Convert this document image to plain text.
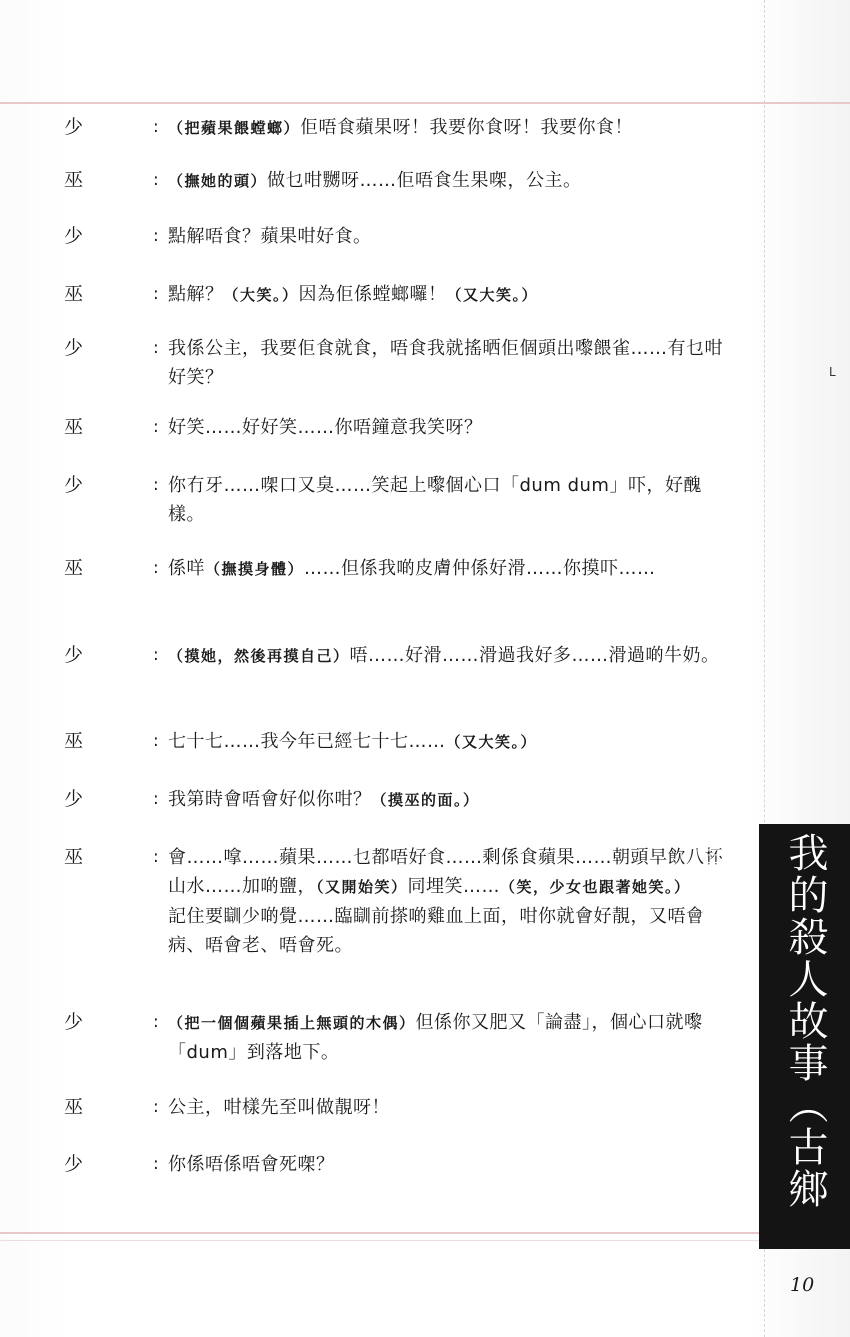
少	: （把蘋果餵螳螂）佢唔食蘋果呀！我要你食呀！我要你食！
巫	: （撫她的頭）做乜咁嬲呀……佢唔食生果㗎，公主。
少	: 點解唔食？蘋果咁好食。
巫	: 點解？（大笑。）因為佢係螳螂囉！（又大笑。）
少	: 我係公主，我要佢食就食，唔食我就搖晒佢個頭出嚟餵雀……有乜咁好笑？
巫	: 好笑……好好笑……你唔鐘意我笑呀？
少	: 你冇牙……㗎口又臭……笑起上嚟個心口「dum dum」吓，好醜樣。
巫	: 係咩（撫摸身體）……但係我啲皮膚仲係好滑……你摸吓……
少	: （摸她，然後再摸自己）唔……好滑……滑過我好多……滑過啲牛奶。
巫	: 七十七……我今年已經七十七……（又大笑。）
少	: 我第時會唔會好似你咁？（摸巫的面。）
巫	: 會……嗱……蘋果……乜都唔好食……剩係食蘋果……朝頭早飲八杯山水……加啲鹽，（又開始笑）同埋笑……（笑，少女也跟著她笑。）
記住要瞓少啲覺……臨瞓前搽啲雞血上面，咁你就會好靚，又唔會病、唔會老、唔會死。
少	: （把一個個蘋果插上無頭的木偶）但係你又肥又「論盡」，個心口就嚟「dum」到落地下。
巫	: 公主，咁樣先至叫做靚呀！
少	: 你係唔係唔會死㗎？
L
我的殺人故事（古鄉奇譚）
10
